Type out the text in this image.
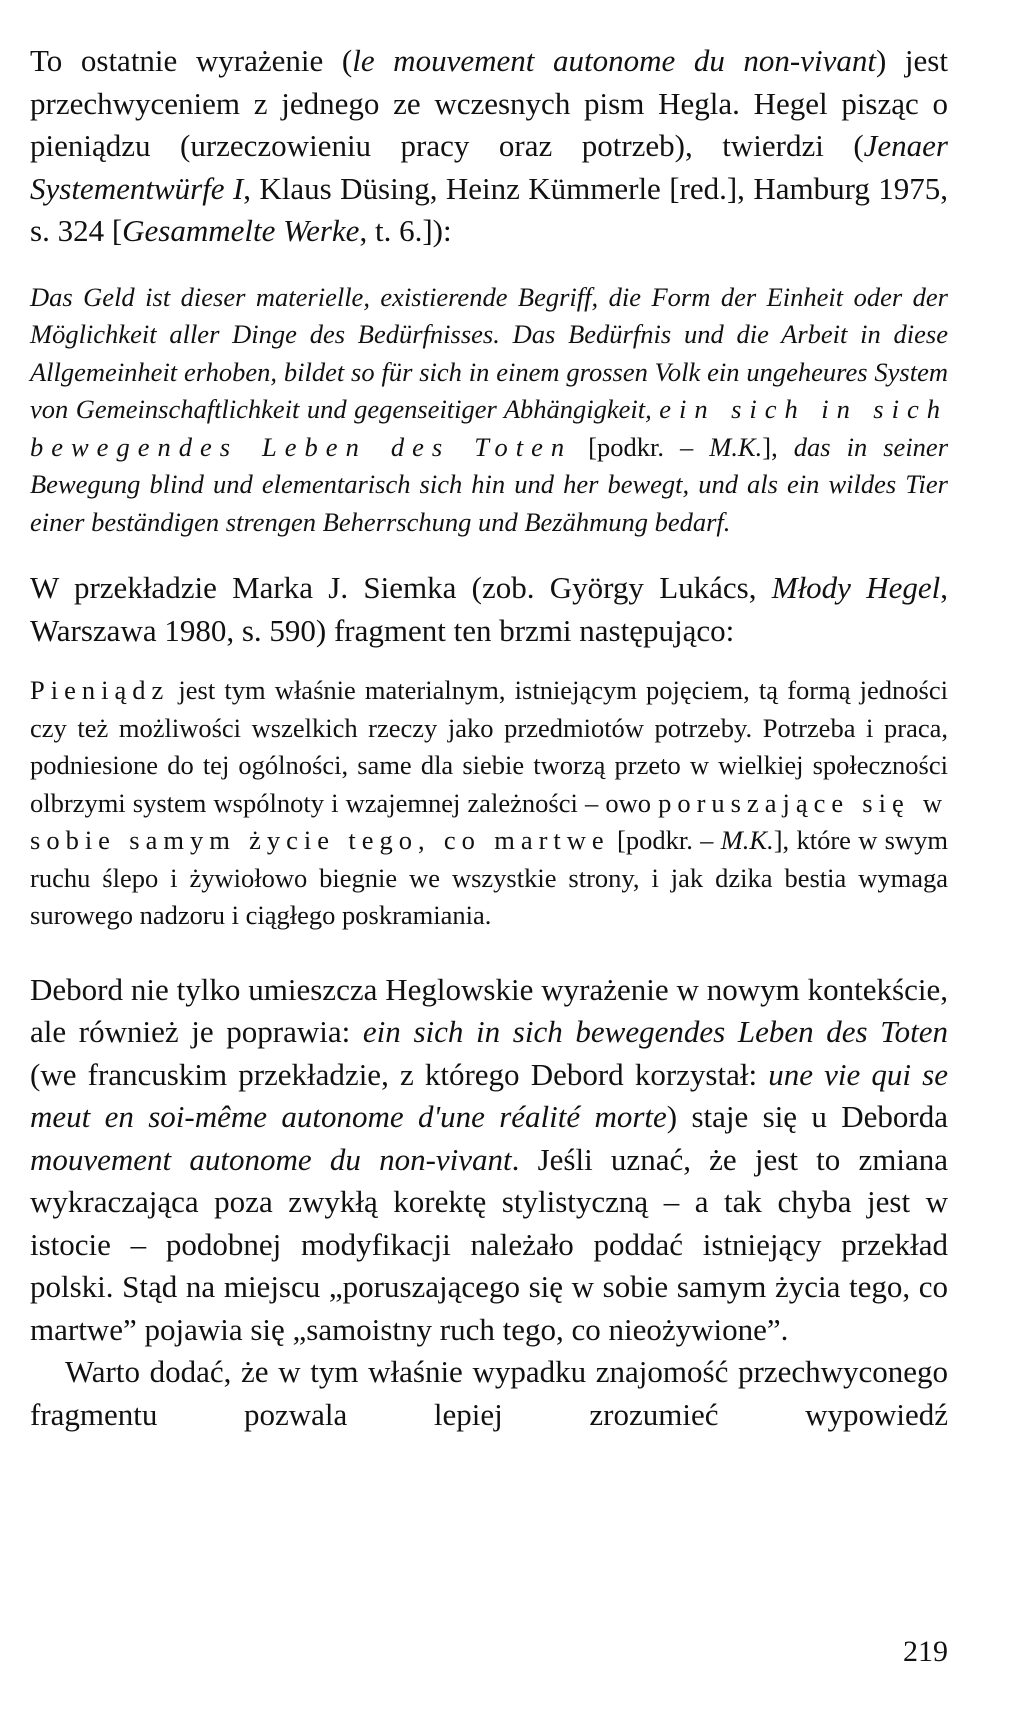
To ostatnie wyrażenie (le mouvement autonome du non-vivant) jest przechwyceniem z jednego ze wczesnych pism Hegla. Hegel pisząc o pieniądzu (urzeczowieniu pracy oraz potrzeb), twierdzi (Jenaer Systementwürfe I, Klaus Düsing, Heinz Kümmerle [red.], Hamburg 1975, s. 324 [Gesammelte Werke, t. 6.]):

Das Geld ist dieser materielle, existierende Begriff, die Form der Einheit oder der Möglichkeit aller Dinge des Bedürfnisses. Das Bedürfnis und die Arbeit in diese Allgemeinheit erhoben, bildet so für sich in einem grossen Volk ein ungeheures System von Gemeinschaftlichkeit und gegenseitiger Abhängigkeit, ein sich in sich bewegendes Leben des Toten [podkr. – M.K.], das in seiner Bewegung blind und elementarisch sich hin und her bewegt, und als ein wildes Tier einer beständigen strengen Beherrschung und Bezähmung bedarf.

W przekładzie Marka J. Siemka (zob. György Lukács, Młody Hegel, Warszawa 1980, s. 590) fragment ten brzmi następująco:

Pieniądz jest tym właśnie materialnym, istniejącym pojęciem, tą formą jedności czy też możliwości wszelkich rzeczy jako przedmiotów potrzeby. Potrzeba i praca, podniesione do tej ogólności, same dla siebie tworzą przeto w wielkiej społeczności olbrzymi system wspólnoty i wzajemnej zależności – owo poruszające się w sobie samym życie tego, co martwe [podkr. – M.K.], które w swym ruchu ślepo i żywiołowo biegnie we wszystkie strony, i jak dzika bestia wymaga surowego nadzoru i ciągłego poskramiania.

Debord nie tylko umieszcza Heglowskie wyrażenie w nowym kontekście, ale również je poprawia: ein sich in sich bewegendes Leben des Toten (we francuskim przekładzie, z którego Debord korzystał: une vie qui se meut en soi-même autonome d'une réalité morte) staje się u Deborda mouvement autonome du non-vivant. Jeśli uznać, że jest to zmiana wykraczająca poza zwykłą korektę stylistyczną – a tak chyba jest w istocie – podobnej modyfikacji należało poddać istniejący przekład polski. Stąd na miejscu „poruszającego się w sobie samym życia tego, co martwe” pojawia się „samoistny ruch tego, co nieożywione”.

Warto dodać, że w tym właśnie wypadku znajomość przechwyconego fragmentu pozwala lepiej zrozumieć wypowiedź

219
